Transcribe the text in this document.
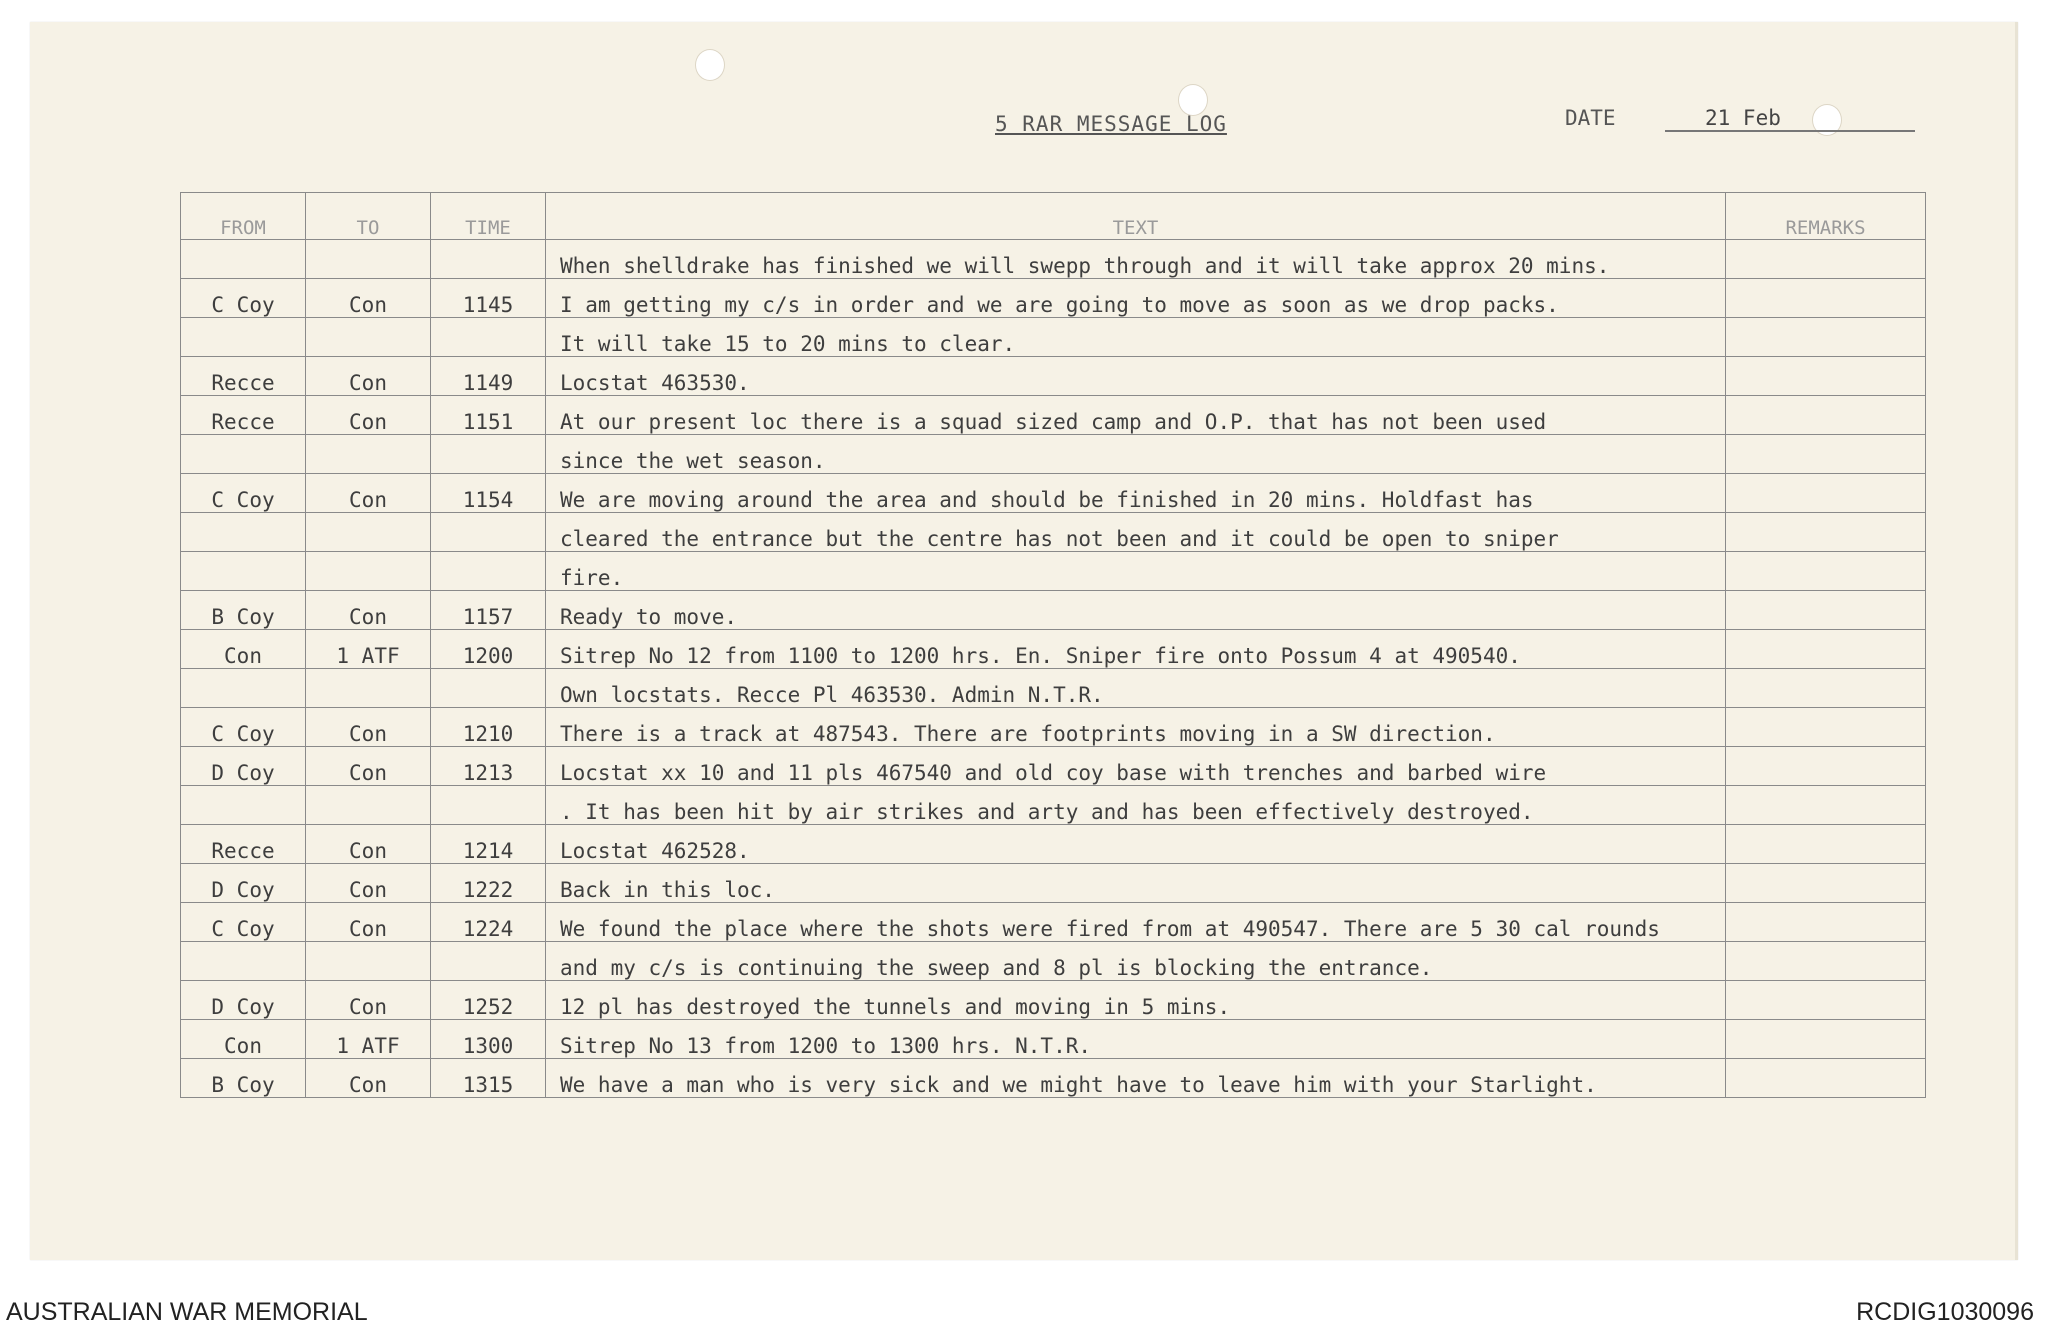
5 RAR MESSAGE LOG	DATE	21 Feb
FROM	TO	TIME	TEXT	REMARKS
			When shelldrake has finished we will swepp through and it will take approx 20 mins.	
C Coy	Con	1145	I am getting my c/s in order and we are going to move as soon as we drop packs.	
			It will take 15 to 20 mins to clear.	
Recce	Con	1149	Locstat 463530.	
Recce	Con	1151	At our present loc there is a squad sized camp and O.P. that has not been used	
			since the wet season.	
C Coy	Con	1154	We are moving around the area and should be finished in 20 mins. Holdfast has	
			cleared the entrance but the centre has not been and it could be open to sniper	
			fire.	
B Coy	Con	1157	Ready to move.	
Con	1 ATF	1200	Sitrep No 12 from 1100 to 1200 hrs. En. Sniper fire onto Possum 4 at 490540.	
			Own locstats. Recce Pl 463530. Admin N.T.R.	
C Coy	Con	1210	There is a track at 487543. There are footprints moving in a SW direction.	
D Coy	Con	1213	Locstat xx 10 and 11 pls 467540 and old coy base with trenches and barbed wire	
			. It has been hit by air strikes and arty and has been effectively destroyed.	
Recce	Con	1214	Locstat 462528.	
D Coy	Con	1222	Back in this loc.	
C Coy	Con	1224	We found the place where the shots were fired from at 490547. There are 5 30 cal rounds	
			and my c/s is continuing the sweep and 8 pl is blocking the entrance.	
D Coy	Con	1252	12 pl has destroyed the tunnels and moving in 5 mins.	
Con	1 ATF	1300	Sitrep No 13 from 1200 to 1300 hrs. N.T.R.	
B Coy	Con	1315	We have a man who is very sick and we might have to leave him with your Starlight.	
AUSTRALIAN WAR MEMORIAL	RCDIG1030096
